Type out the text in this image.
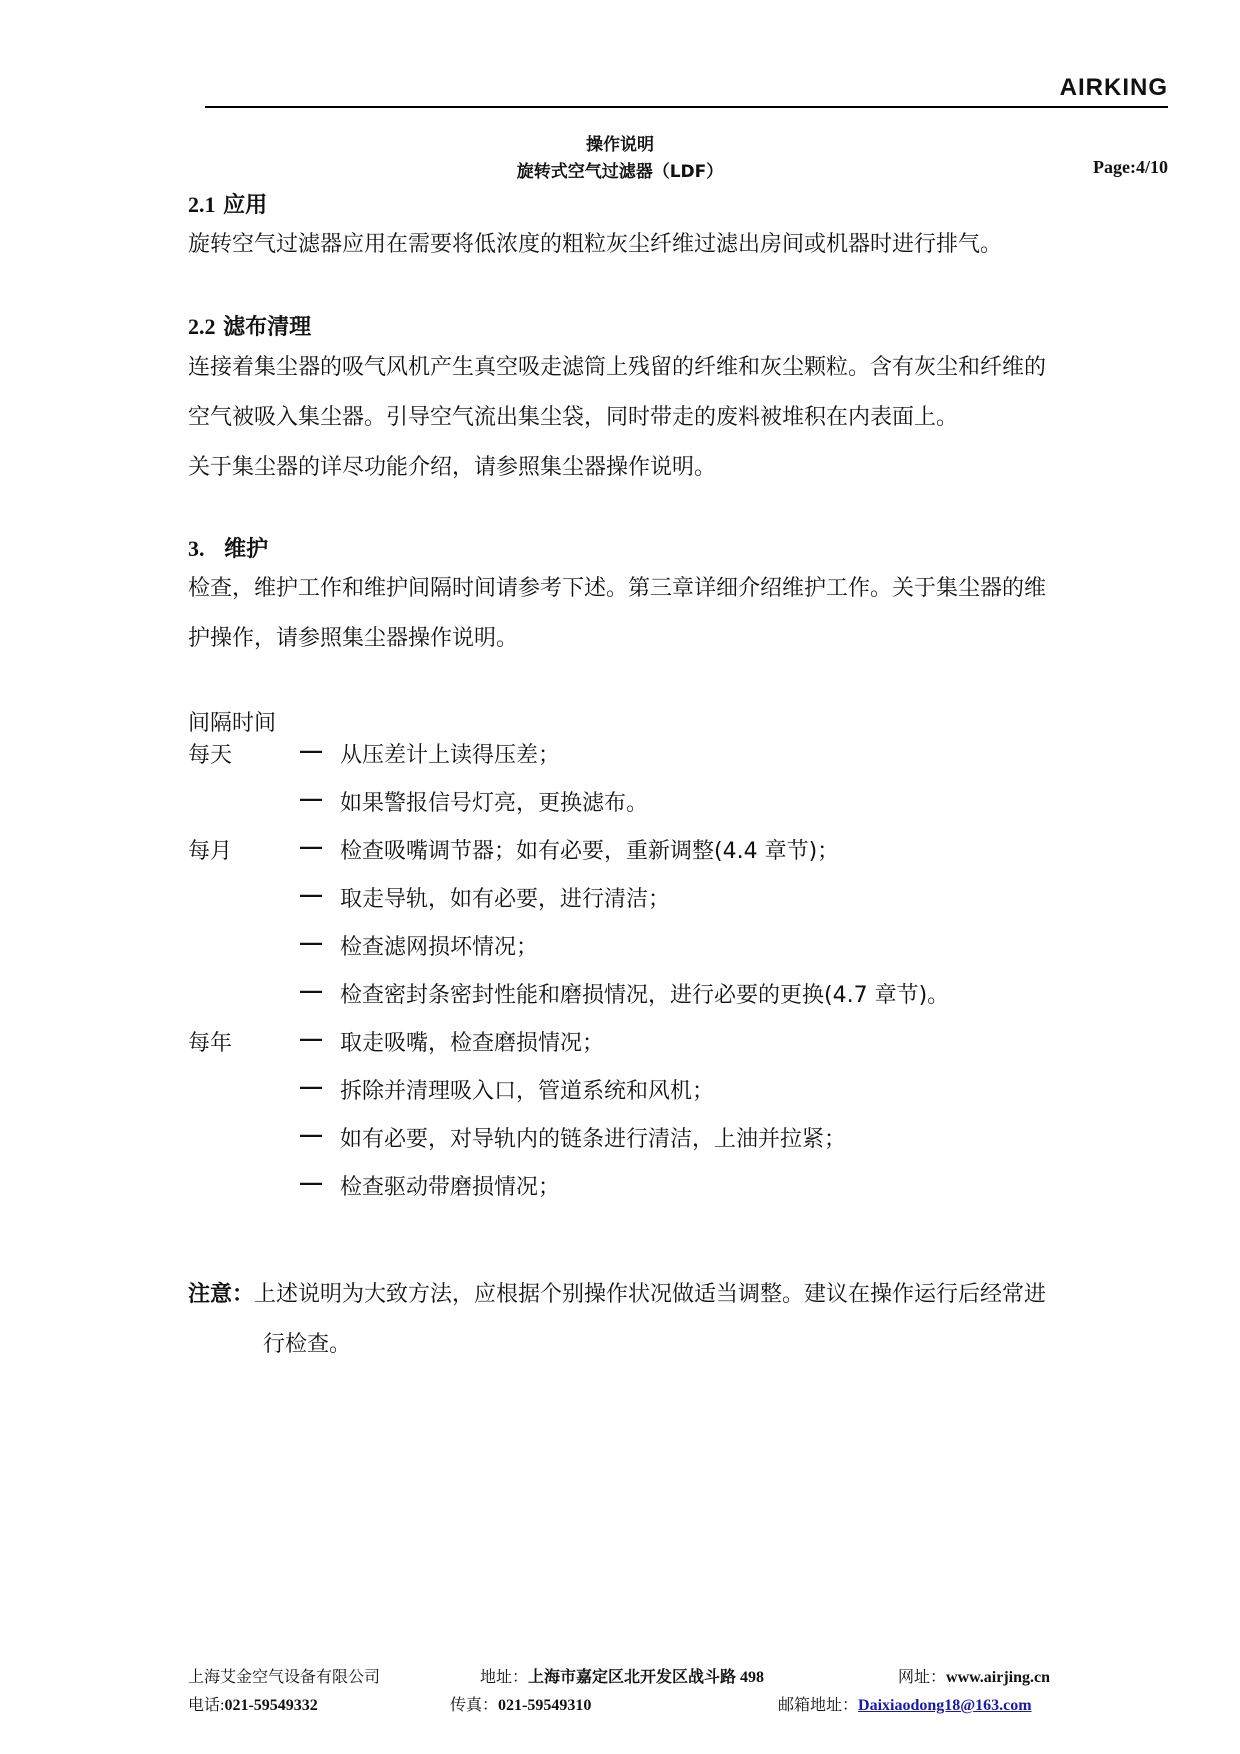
AIRKING
操作说明
旋转式空气过滤器（LDF）	Page:4/10
2.1 应用
旋转空气过滤器应用在需要将低浓度的粗粒灰尘纤维过滤出房间或机器时进行排气。
2.2 滤布清理
连接着集尘器的吸气风机产生真空吸走滤筒上残留的纤维和灰尘颗粒。含有灰尘和纤维的
空气被吸入集尘器。引导空气流出集尘袋，同时带走的废料被堆积在内表面上。
关于集尘器的详尽功能介绍，请参照集尘器操作说明。
3. 维护
检查，维护工作和维护间隔时间请参考下述。第三章详细介绍维护工作。关于集尘器的维
护操作，请参照集尘器操作说明。
间隔时间
每天	— 从压差计上读得压差；
— 如果警报信号灯亮，更换滤布。
每月	— 检查吸嘴调节器；如有必要，重新调整(4.4 章节)；
— 取走导轨，如有必要，进行清洁；
— 检查滤网损坏情况；
— 检查密封条密封性能和磨损情况，进行必要的更换(4.7 章节)。
每年	— 取走吸嘴，检查磨损情况；
— 拆除并清理吸入口，管道系统和风机；
— 如有必要，对导轨内的链条进行清洁，上油并拉紧；
— 检查驱动带磨损情况；
注意：上述说明为大致方法，应根据个别操作状况做适当调整。建议在操作运行后经常进
行检查。
上海艾金空气设备有限公司	地址：上海市嘉定区北开发区战斗路 498	网址：www.airjing.cn
电话:021-59549332	传真：021-59549310	邮箱地址：Daixiaodong18@163.com
